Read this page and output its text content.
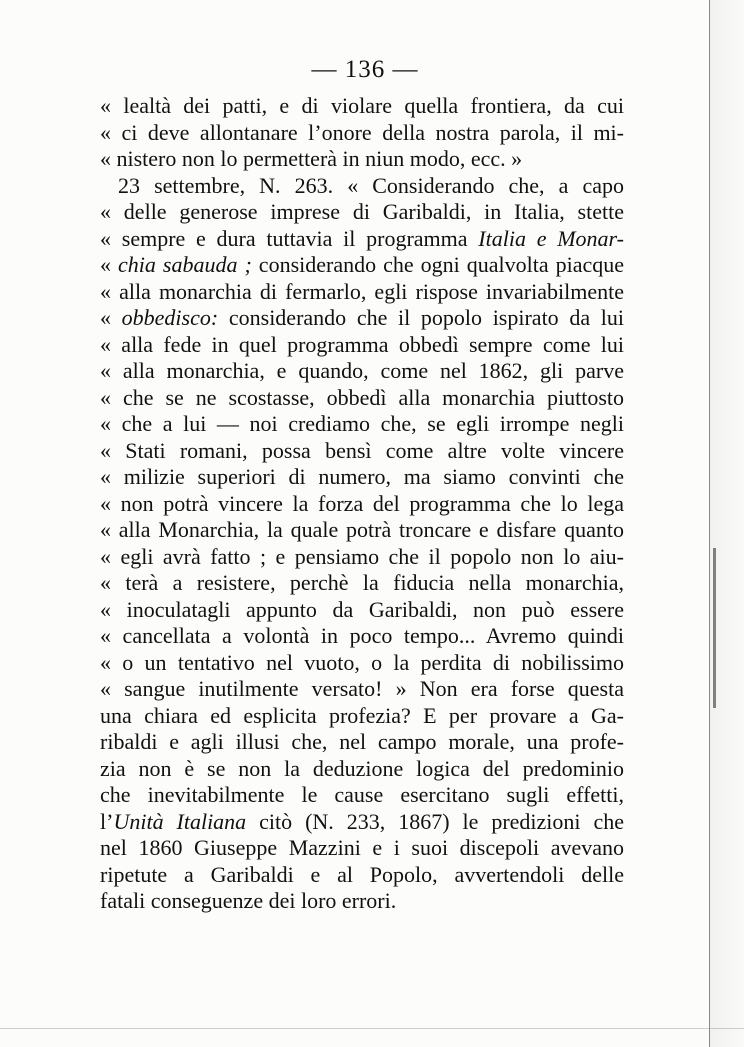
— 136 —
« lealtà dei patti, e di violare quella frontiera, da cui
« ci deve allontanare l’onore della nostra parola, il mi-
« nistero non lo permetterà in niun modo, ecc. »
23 settembre, N. 263. « Considerando che, a capo
« delle generose imprese di Garibaldi, in Italia, stette
« sempre e dura tuttavia il programma Italia e Monar-
« chia sabauda ; considerando che ogni qualvolta piacque
« alla monarchia di fermarlo, egli rispose invariabilmente
« obbedisco: considerando che il popolo ispirato da lui
« alla fede in quel programma obbedì sempre come lui
« alla monarchia, e quando, come nel 1862, gli parve
« che se ne scostasse, obbedì alla monarchia piuttosto
« che a lui — noi crediamo che, se egli irrompe negli
« Stati romani, possa bensì come altre volte vincere
« milizie superiori di numero, ma siamo convinti che
« non potrà vincere la forza del programma che lo lega
« alla Monarchia, la quale potrà troncare e disfare quanto
« egli avrà fatto ; e pensiamo che il popolo non lo aiu-
« terà a resistere, perchè la fiducia nella monarchia,
« inoculatagli appunto da Garibaldi, non può essere
« cancellata a volontà in poco tempo... Avremo quindi
« o un tentativo nel vuoto, o la perdita di nobilissimo
« sangue inutilmente versato! » Non era forse questa
una chiara ed esplicita profezia? E per provare a Ga-
ribaldi e agli illusi che, nel campo morale, una profe-
zia non è se non la deduzione logica del predominio
che inevitabilmente le cause esercitano sugli effetti,
l’Unità Italiana citò (N. 233, 1867) le predizioni che
nel 1860 Giuseppe Mazzini e i suoi discepoli avevano
ripetute a Garibaldi e al Popolo, avvertendoli delle
fatali conseguenze dei loro errori.
